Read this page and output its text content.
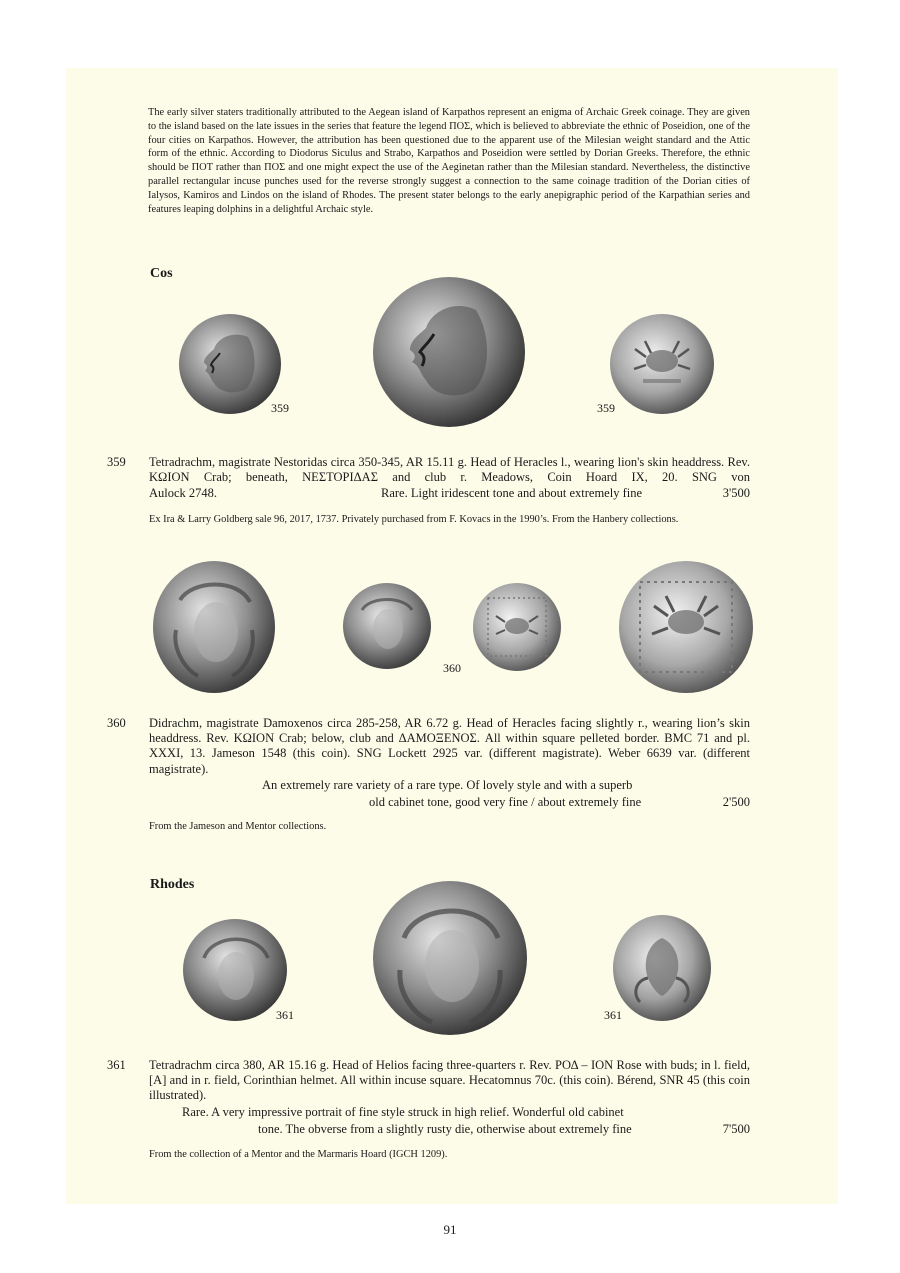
The early silver staters traditionally attributed to the Aegean island of Karpathos represent an enigma of Archaic Greek coinage. They are given to the island based on the late issues in the series that feature the legend ΠΟΣ, which is believed to abbreviate the ethnic of Poseidion, one of the four cities on Karpathos. However, the attribution has been questioned due to the apparent use of the Milesian weight standard and the Attic form of the ethnic. According to Diodorus Siculus and Strabo, Karpathos and Poseidion were settled by Dorian Greeks. Therefore, the ethnic should be ΠΟΤ rather than ΠΟΣ and one might expect the use of the Aeginetan rather than the Milesian standard. Nevertheless, the distinctive parallel rectangular incuse punches used for the reverse strongly suggest a connection to the same coinage tradition of the Dorian cities of Ialysos, Kamiros and Lindos on the island of Rhodes. The present stater belongs to the early anepigraphic period of the Karpathian series and features leaping dolphins in a delightful Archaic style.

Cos
359	359
359 Tetradrachm, magistrate Nestoridas circa 350-345, AR 15.11 g. Head of Heracles l., wearing lion's skin headdress. Rev. ΚΩΙΟΝ Crab; beneath, ΝΕΣΤΟΡΙΔΑΣ and club r. Meadows, Coin Hoard IX, 20. SNG von

Aulock 2748.	Rare. Light iridescent tone and about extremely fine	3'500

Ex Ira & Larry Goldberg sale 96, 2017, 1737. Privately purchased from F. Kovacs in the 1990’s. From the Hanbery collections.

360
360 Didrachm, magistrate Damoxenos circa 285-258, AR 6.72 g. Head of Heracles facing slightly r., wearing lion’s skin headdress. Rev. ΚΩΙΟΝ Crab; below, club and ΔΑΜΟΞΕΝΟΣ. All within square pelleted border. BMC 71 and pl. XXXI, 13. Jameson 1548 (this coin). SNG Lockett 2925 var. (different magistrate). Weber 6639 var. (different magistrate).

An extremely rare variety of a rare type. Of lovely style and with a superb
old cabinet tone, good very fine / about extremely fine	2'500

From the Jameson and Mentor collections.

Rhodes
361	361
361 Tetradrachm circa 380, AR 15.16 g. Head of Helios facing three-quarters r. Rev. ΡΟΔ – ΙΟΝ Rose with buds; in l. field, [A] and in r. field, Corinthian helmet. All within incuse square. Hecatomnus 70c. (this coin). Bérend, SNR 45 (this coin illustrated).

Rare. A very impressive portrait of fine style struck in high relief. Wonderful old cabinet
tone. The obverse from a slightly rusty die, otherwise about extremely fine	7'500

From the collection of a Mentor and the Marmaris Hoard (IGCH 1209).

91
